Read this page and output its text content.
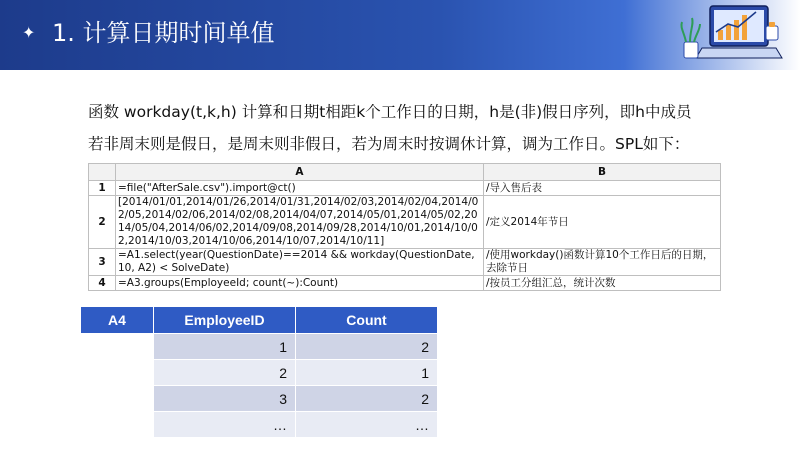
✦ 1. 计算日期时间单值
函数 workday(t,k,h) 计算和日期t相距k个工作日的日期，h是(非)假日序列，即h中成员
若非周末则是假日，是周末则非假日，若为周末时按调休计算，调为工作日。SPL如下：
	A	B
1	=file("AfterSale.csv").import@ct()	/导入售后表
2	[2014/01/01,2014/01/26,2014/01/31,2014/02/03,2014/02/04,2014/02/05,2014/02/06,2014/02/08,2014/04/07,2014/05/01,2014/05/02,2014/05/04,2014/06/02,2014/09/08,2014/09/28,2014/10/01,2014/10/02,2014/10/03,2014/10/06,2014/10/07,2014/10/11]	/定义2014年节日
3	=A1.select(year(QuestionDate)==2014 && workday(QuestionDate, 10, A2) < SolveDate)	/使用workday()函数计算10个工作日后的日期，去除节日
4	=A3.groups(EmployeeId; count(~):Count)	/按员工分组汇总，统计次数
A4	EmployeeID	Count
	1	2
	2	1
	3	2
	…	…
